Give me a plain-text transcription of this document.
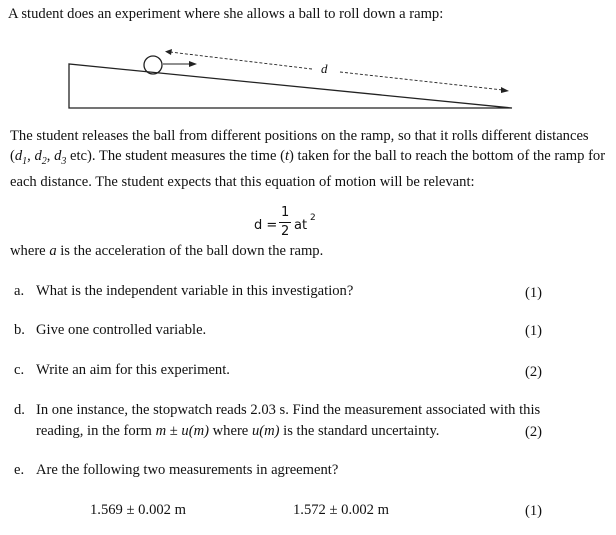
A student does an experiment where she allows a ball to roll down a ramp:
d
The student releases the ball from different positions on the ramp, so that it rolls different distances ($d_1$, $d_2$, $d_3$ etc). The student measures the time (t) taken for the ball to reach the bottom of the ramp for each distance. The student expects that this equation of motion will be relevant:
d =
1
2 at 2
where a is the acceleration of the ball down the ramp.
a. What is the independent variable in this investigation?	(1)
b. Give one controlled variable.	(1)
c. Write an aim for this experiment.	(2)
d. In one instance, the stopwatch reads 2.03 s. Find the measurement associated with this
reading, in the form m ± u(m) where u(m) is the standard uncertainty.	(2)
e. Are the following two measurements in agreement?
1.569 ± 0.002 m	1.572 ± 0.002 m	(1)
